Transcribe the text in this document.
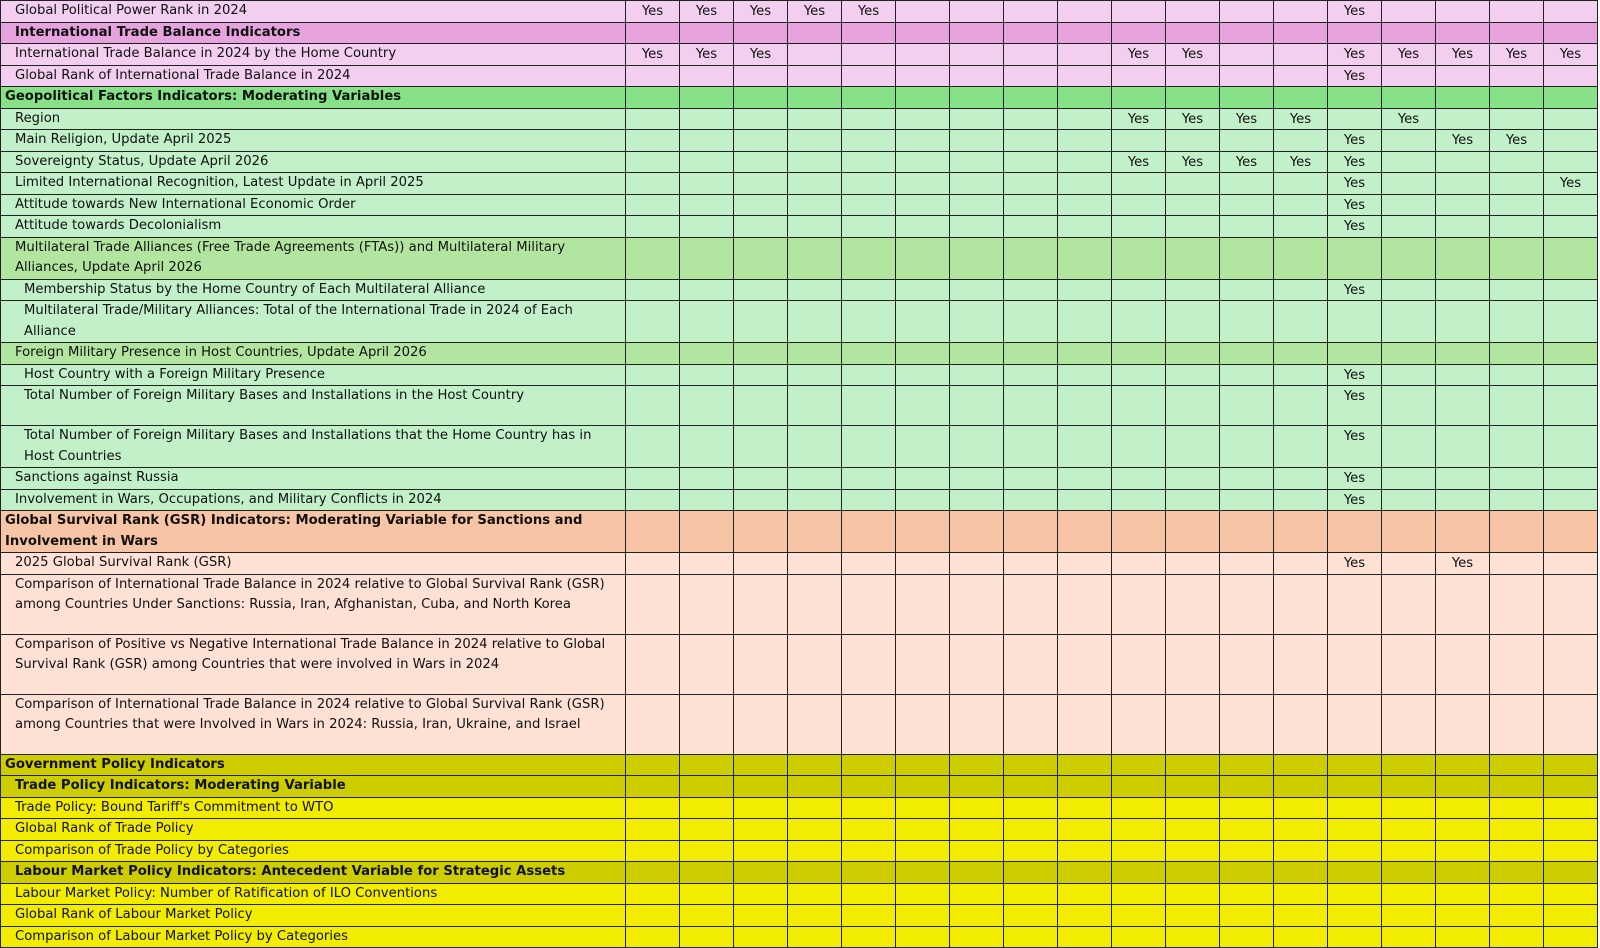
Global Political Power Rank in 2024	Yes	Yes	Yes	Yes	Yes									Yes				
International Trade Balance Indicators																		
International Trade Balance in 2024 by the Home Country	Yes	Yes	Yes							Yes	Yes			Yes	Yes	Yes	Yes	Yes
Global Rank of International Trade Balance in 2024														Yes				
Geopolitical Factors Indicators: Moderating Variables																		
Region										Yes	Yes	Yes	Yes		Yes			
Main Religion, Update April 2025														Yes		Yes	Yes	
Sovereignty Status, Update April 2026										Yes	Yes	Yes	Yes	Yes				
Limited International Recognition, Latest Update in April 2025														Yes				Yes
Attitude towards New International Economic Order														Yes				
Attitude towards Decolonialism														Yes				
Multilateral Trade Alliances (Free Trade Agreements (FTAs)) and Multilateral Military Alliances, Update April 2026																		
Membership Status by the Home Country of Each Multilateral Alliance														Yes				
Multilateral Trade/Military Alliances: Total of the International Trade in 2024 of Each Alliance																		
Foreign Military Presence in Host Countries, Update April 2026																		
Host Country with a Foreign Military Presence														Yes				
Total Number of Foreign Military Bases and Installations in the Host Country														Yes				
Total Number of Foreign Military Bases and Installations that the Home Country has in Host Countries														Yes				
Sanctions against Russia														Yes				
Involvement in Wars, Occupations, and Military Conflicts in 2024														Yes				
Global Survival Rank (GSR) Indicators: Moderating Variable for Sanctions and Involvement in Wars																		
2025 Global Survival Rank (GSR)														Yes		Yes		
Comparison of International Trade Balance in 2024 relative to Global Survival Rank (GSR) among Countries Under Sanctions: Russia, Iran, Afghanistan, Cuba, and North Korea																		
Comparison of Positive vs Negative International Trade Balance in 2024 relative to Global Survival Rank (GSR) among Countries that were involved in Wars in 2024																		
Comparison of International Trade Balance in 2024 relative to Global Survival Rank (GSR) among Countries that were Involved in Wars in 2024: Russia, Iran, Ukraine, and Israel																		
Government Policy Indicators																		
Trade Policy Indicators: Moderating Variable																		
Trade Policy: Bound Tariff's Commitment to WTO																		
Global Rank of Trade Policy																		
Comparison of Trade Policy by Categories																		
Labour Market Policy Indicators: Antecedent Variable for Strategic Assets																		
Labour Market Policy: Number of Ratification of ILO Conventions																		
Global Rank of Labour Market Policy																		
Comparison of Labour Market Policy by Categories																		
